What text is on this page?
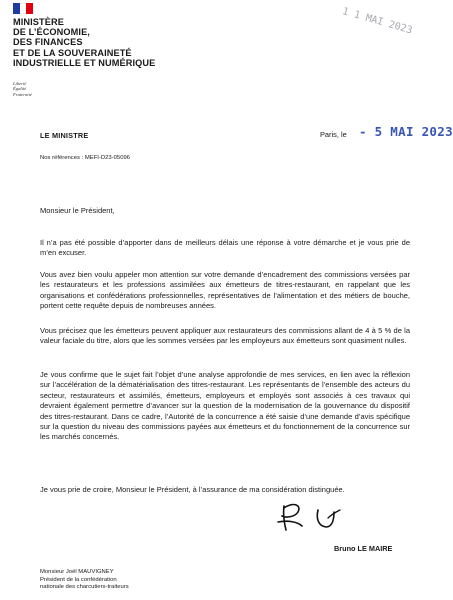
MINISTÈRE
DE L’ÉCONOMIE,
DES FINANCES
ET DE LA SOUVERAINETÉ
INDUSTRIELLE ET NUMÉRIQUE
Liberté
Égalité
Fraternité
1 1 MAI 2023
LE MINISTRE	Paris, le - 5 MAI 2023
Nos références : MEFI-D23-05096
Monsieur le Président,
Il n’a pas été possible d’apporter dans de meilleurs délais une réponse à votre démarche et je vous prie de m’en excuser.
Vous avez bien voulu appeler mon attention sur votre demande d’encadrement des commissions versées par les restaurateurs et les professions assimilées aux émetteurs de titres-restaurant, en rappelant que les organisations et confédérations professionnelles, représentatives de l’alimentation et des métiers de bouche, portent cette requête depuis de nombreuses années.
Vous précisez que les émetteurs peuvent appliquer aux restaurateurs des commissions allant de 4 à 5 % de la valeur faciale du titre, alors que les sommes versées par les employeurs aux émetteurs sont quasiment nulles.
Je vous confirme que le sujet fait l’objet d’une analyse approfondie de mes services, en lien avec la réflexion sur l’accélération de la dématérialisation des titres-restaurant. Les représentants de l’ensemble des acteurs du secteur, restaurateurs et assimilés, émetteurs, employeurs et employés sont associés à ces travaux qui devraient également permettre d’avancer sur la question de la modernisation de la gouvernance du dispositif des titres-restaurant. Dans ce cadre, l’Autorité de la concurrence a été saisie d’une demande d’avis spécifique sur la question du niveau des commissions payées aux émetteurs et du fonctionnement de la concurrence sur les marchés concernés.
Je vous prie de croire, Monsieur le Président, à l’assurance de ma considération distinguée.
Bruno LE MAIRE
Monsieur Joël MAUVIGNEY
Président de la confédération
nationale des charcutiers-traiteurs
